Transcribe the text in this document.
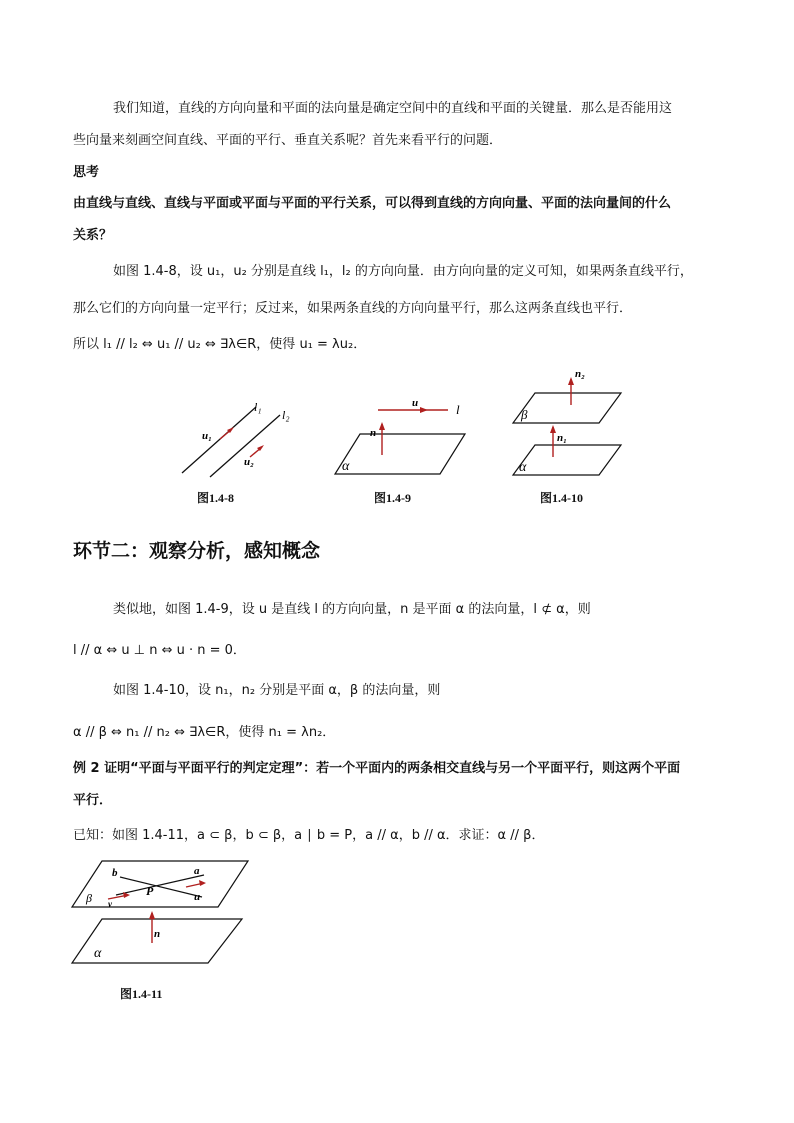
我们知道，直线的方向向量和平面的法向量是确定空间中的直线和平面的关键量．那么是否能用这
些向量来刻画空间直线、平面的平行、垂直关系呢？首先来看平行的问题．
思考
由直线与直线、直线与平面或平面与平面的平行关系，可以得到直线的方向向量、平面的法向量间的什么
关系？
如图 1.4-8，设 u₁，u₂ 分别是直线 l₁，l₂ 的方向向量．由方向向量的定义可知，如果两条直线平行，
那么它们的方向向量一定平行；反过来，如果两条直线的方向向量平行，那么这两条直线也平行．
所以 l₁ // l₂ ⇔ u₁ // u₂ ⇔ ∃λ∈R，使得 u₁ = λu₂．
l₁
l₂
u₁
u₂
图1.4-8
u	l
n
α
图1.4-9
n₂
β
n₁
α
图1.4-10
环节二：观察分析，感知概念
类似地，如图 1.4-9，设 u 是直线 l 的方向向量，n 是平面 α 的法向量，l ⊄ α，则
l // α ⇔ u ⊥ n ⇔ u · n = 0．
如图 1.4-10，设 n₁，n₂ 分别是平面 α，β 的法向量，则
α // β ⇔ n₁ // n₂ ⇔ ∃λ∈R，使得 n₁ = λn₂．
例 2 证明“平面与平面平行的判定定理”：若一个平面内的两条相交直线与另一个平面平行，则这两个平面
平行．
已知：如图 1.4-11，a ⊂ β，b ⊂ β，a ∣ b = P，a // α，b // α．求证：α // β．
b	a
β	P
v
u
n
α
图1.4-11
